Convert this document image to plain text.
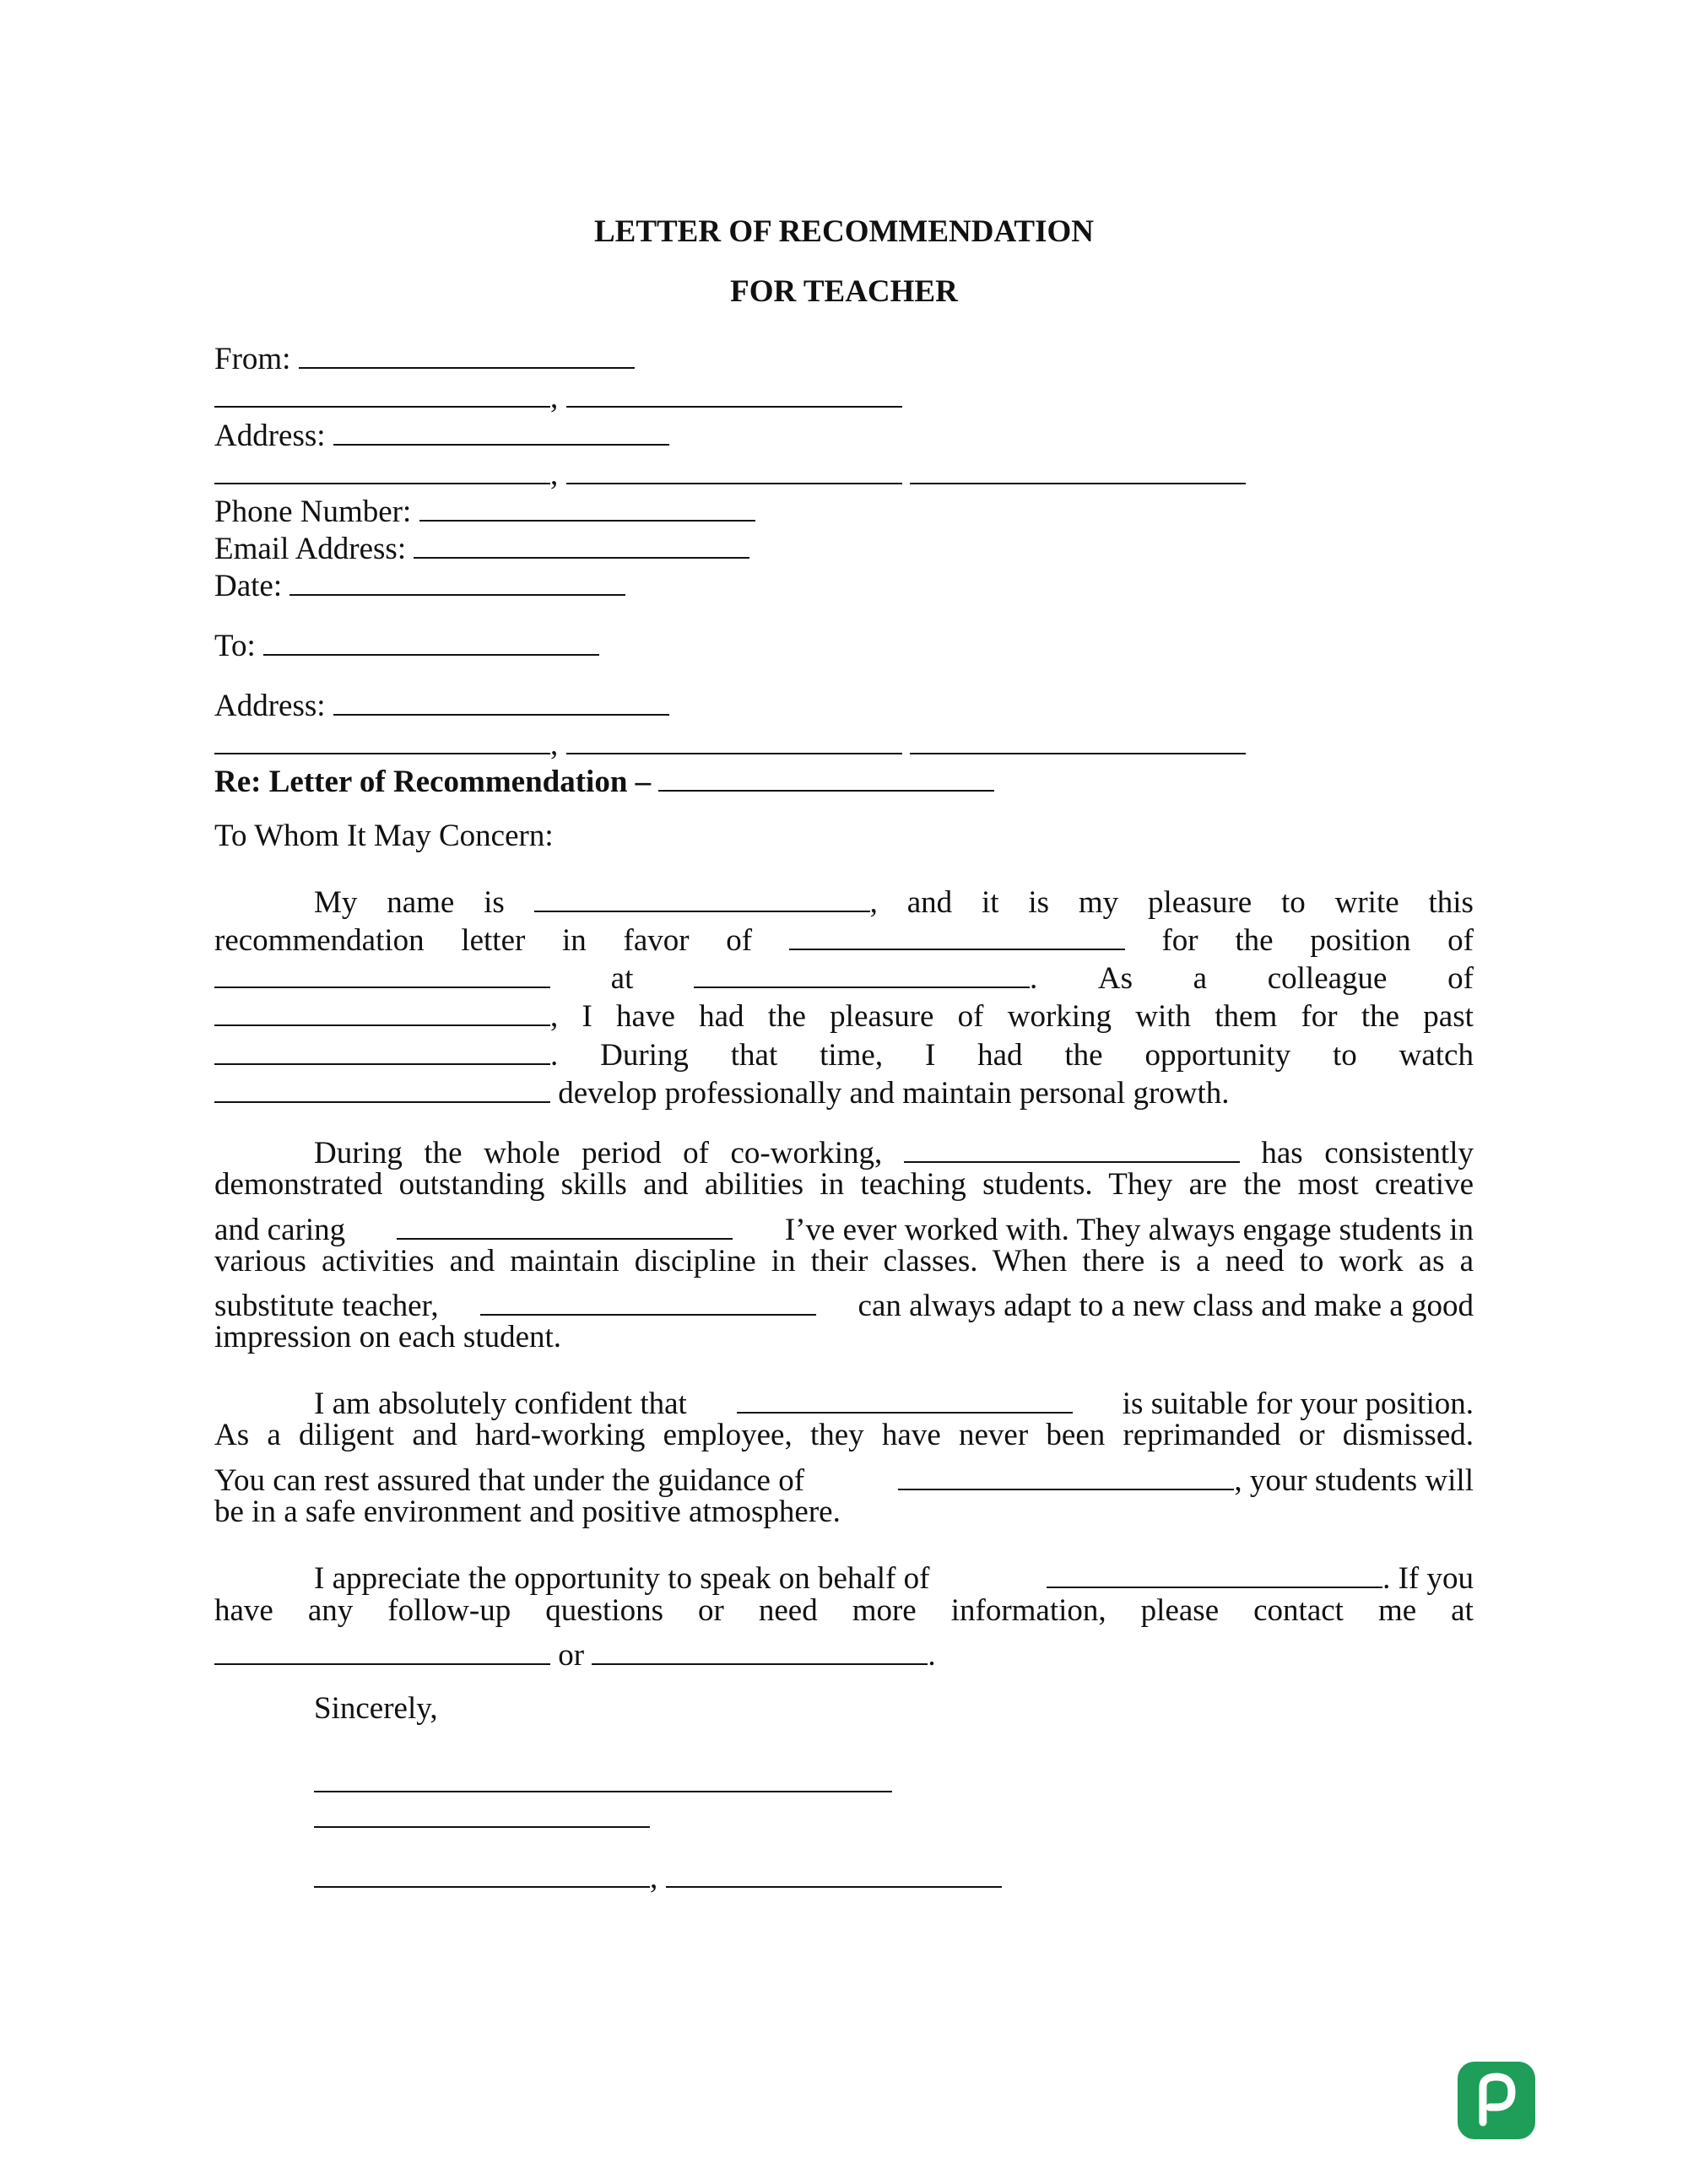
LETTER OF RECOMMENDATION
FOR TEACHER
From:
,
Address:
,
Phone Number:
Email Address:
Date:
To:
Address:
,
Re: Letter of Recommendation –
To Whom It May Concern:
My name is	, and it is my pleasure to write this
recommendation letter in favor of	for the position of
at	. As a colleague of
, I have had the pleasure of working with them for the past
. During that time, I had the opportunity to watch
develop professionally and maintain personal growth.
During the whole period of co-working,	has consistently
demonstrated outstanding skills and abilities in teaching students. They are the most creative
and caring	I’ve ever worked with. They always engage students in
various activities and maintain discipline in their classes. When there is a need to work as a
substitute teacher,	can always adapt to a new class and make a good
impression on each student.
I am absolutely confident that	is suitable for your position.
As a diligent and hard-working employee, they have never been reprimanded or dismissed.
You can rest assured that under the guidance of	, your students will
be in a safe environment and positive atmosphere.
I appreciate the opportunity to speak on behalf of	. If you
have any follow-up questions or need more information, please contact me at
or	.
Sincerely,
,
